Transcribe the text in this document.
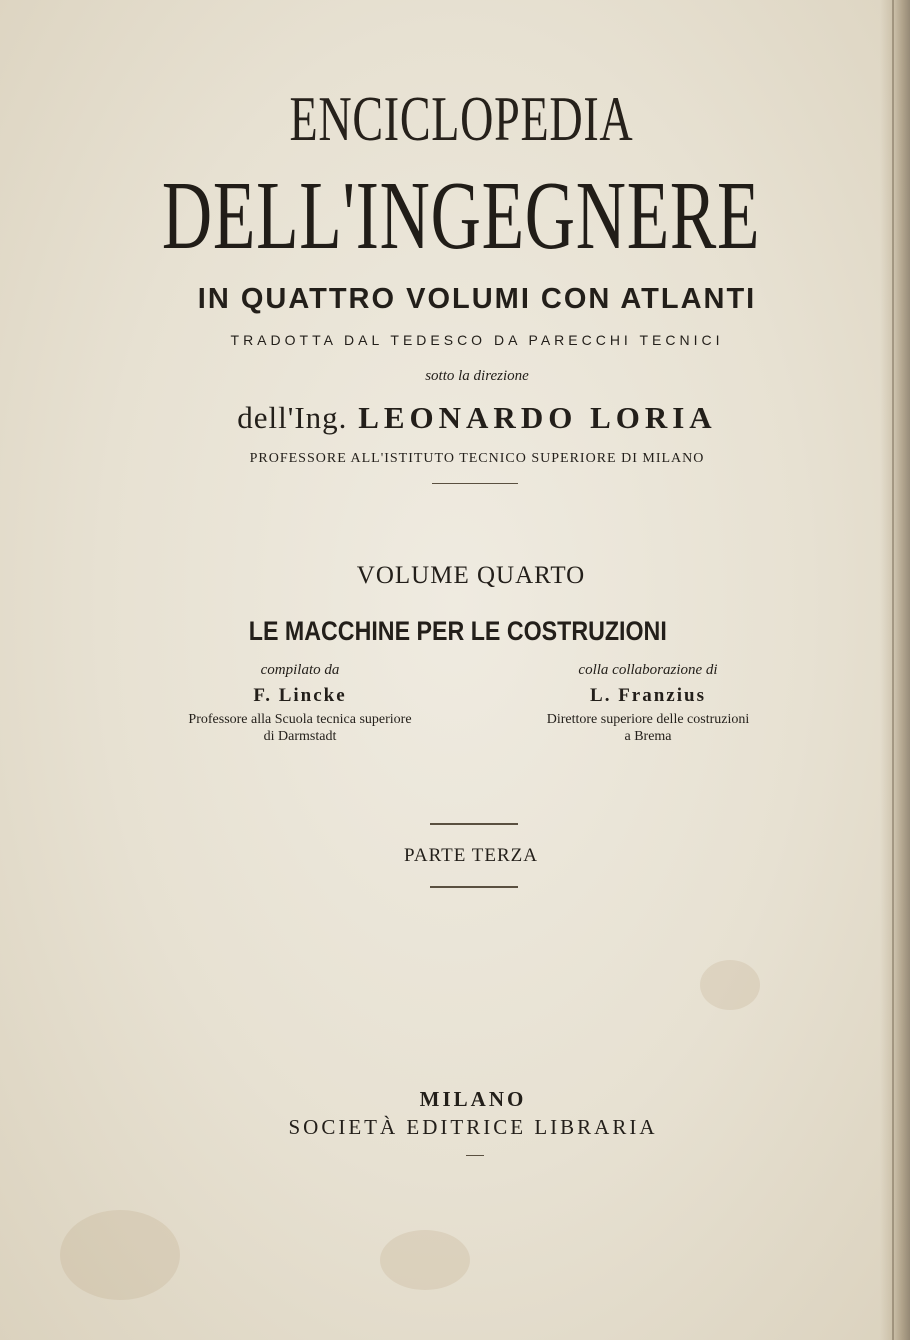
ENCICLOPEDIA
DELL'INGEGNERE
IN QUATTRO VOLUMI CON ATLANTI
TRADOTTA DAL TEDESCO DA PARECCHI TECNICI
sotto la direzione
dell'Ing. LEONARDO LORIA
PROFESSORE ALL'ISTITUTO TECNICO SUPERIORE DI MILANO
VOLUME QUARTO
LE MACCHINE PER LE COSTRUZIONI
compilato da
F. Lincke
Professore alla Scuola tecnica superiore
di Darmstadt
colla collaborazione di
L. Franzius
Direttore superiore delle costruzioni
a Brema
PARTE TERZA
MILANO
SOCIETÀ EDITRICE LIBRARIA
